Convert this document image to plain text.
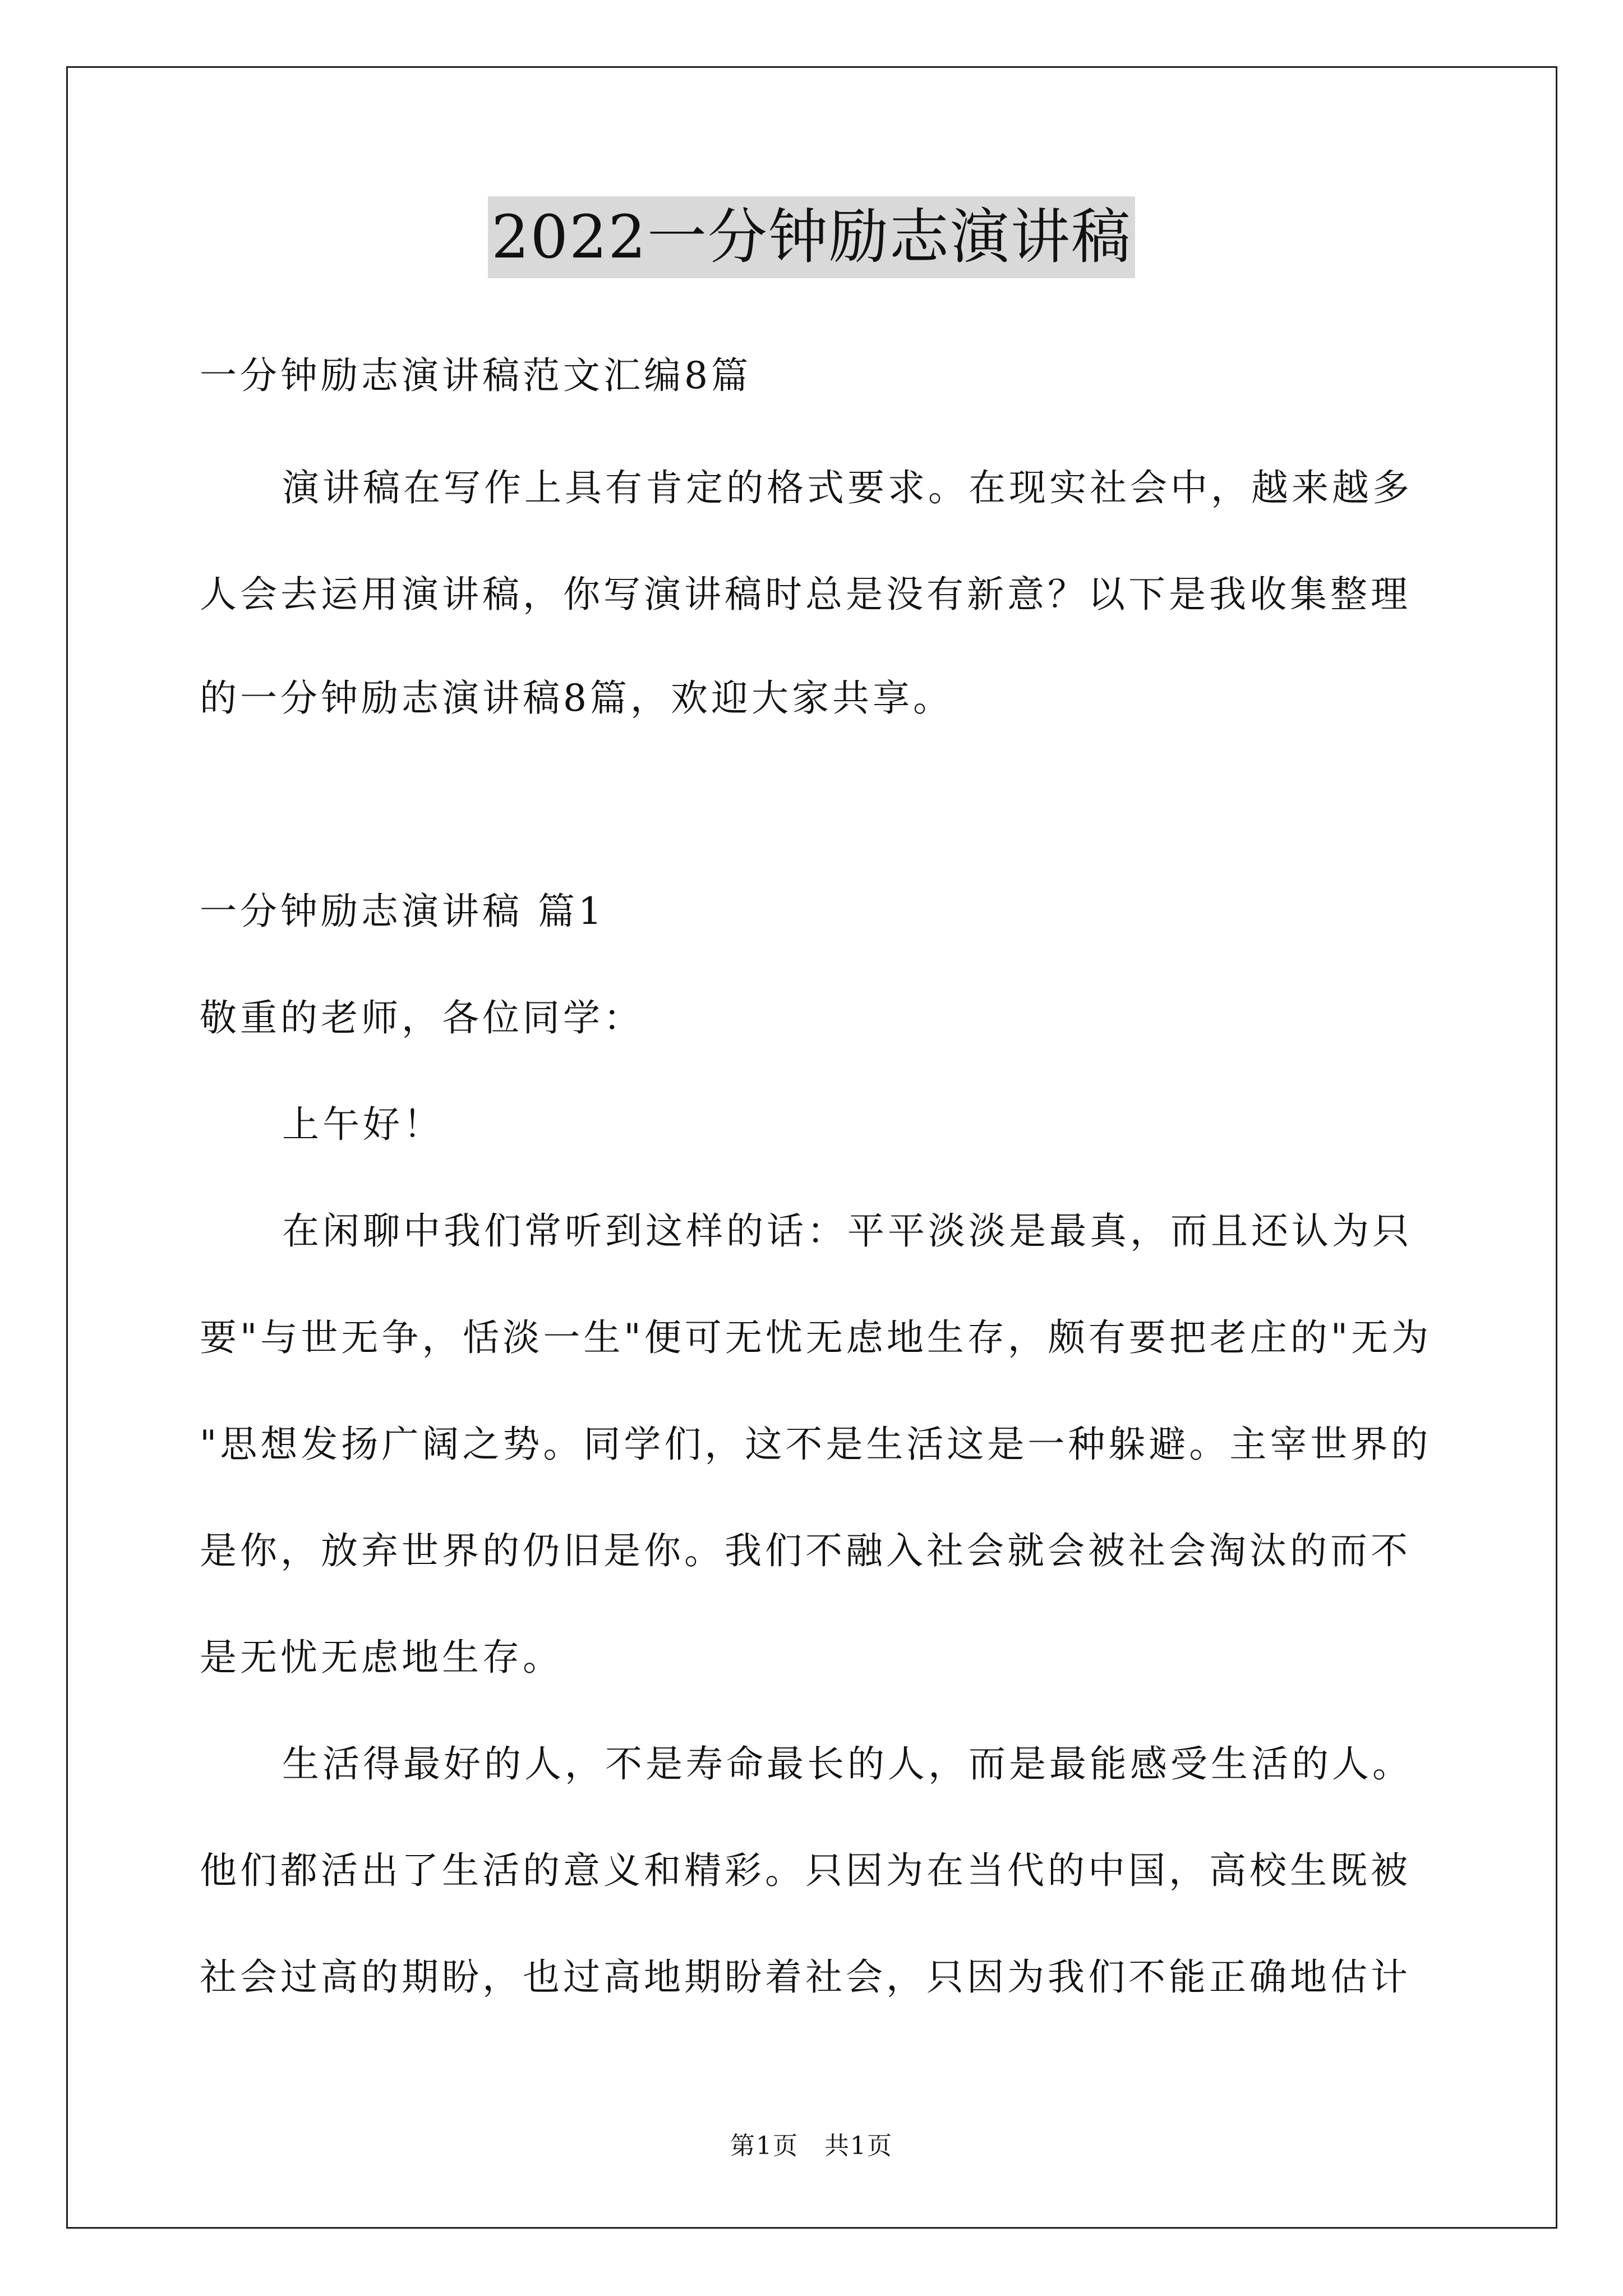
2022一分钟励志演讲稿
一分钟励志演讲稿范文汇编8篇
演讲稿在写作上具有肯定的格式要求。在现实社会中，越来越多
人会去运用演讲稿，你写演讲稿时总是没有新意？以下是我收集整理
的一分钟励志演讲稿8篇，欢迎大家共享。
一分钟励志演讲稿 篇1
敬重的老师，各位同学：
上午好！
在闲聊中我们常听到这样的话：平平淡淡是最真，而且还认为只
要"与世无争，恬淡一生"便可无忧无虑地生存，颇有要把老庄的"无为
"思想发扬广阔之势。同学们，这不是生活这是一种躲避。主宰世界的
是你，放弃世界的仍旧是你。我们不融入社会就会被社会淘汰的而不
是无忧无虑地生存。
生活得最好的人，不是寿命最长的人，而是最能感受生活的人。
他们都活出了生活的意义和精彩。只因为在当代的中国，高校生既被
社会过高的期盼，也过高地期盼着社会，只因为我们不能正确地估计
第1页　共1页
